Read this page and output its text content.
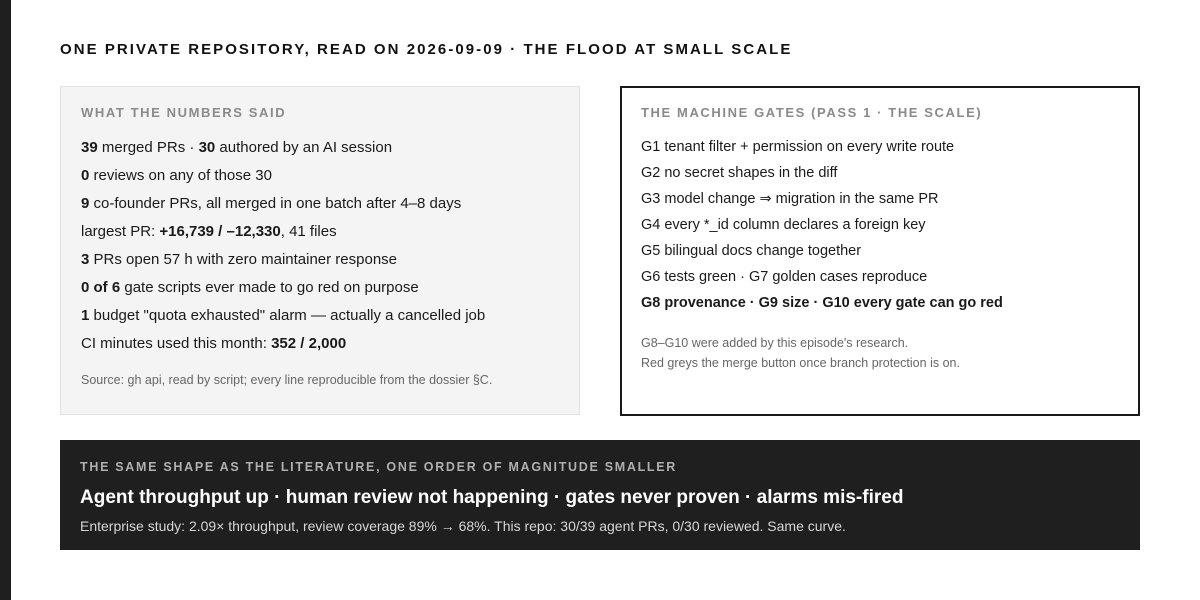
ONE PRIVATE REPOSITORY, READ ON 2026-09-09 · THE FLOOD AT SMALL SCALE
WHAT THE NUMBERS SAID
39 merged PRs · 30 authored by an AI session
0 reviews on any of those 30
9 co-founder PRs, all merged in one batch after 4–8 days
largest PR: +16,739 / –12,330, 41 files
3 PRs open 57 h with zero maintainer response
0 of 6 gate scripts ever made to go red on purpose
1 budget "quota exhausted" alarm — actually a cancelled job
CI minutes used this month: 352 / 2,000
Source: gh api, read by script; every line reproducible from the dossier §C.
THE MACHINE GATES (PASS 1 · THE SCALE)
G1 tenant filter + permission on every write route
G2 no secret shapes in the diff
G3 model change ⇒ migration in the same PR
G4 every *_id column declares a foreign key
G5 bilingual docs change together
G6 tests green · G7 golden cases reproduce
G8 provenance · G9 size · G10 every gate can go red
G8–G10 were added by this episode's research.
Red greys the merge button once branch protection is on.
THE SAME SHAPE AS THE LITERATURE, ONE ORDER OF MAGNITUDE SMALLER
Agent throughput up · human review not happening · gates never proven · alarms mis-fired
Enterprise study: 2.09× throughput, review coverage 89% → 68%. This repo: 30/39 agent PRs, 0/30 reviewed. Same curve.
